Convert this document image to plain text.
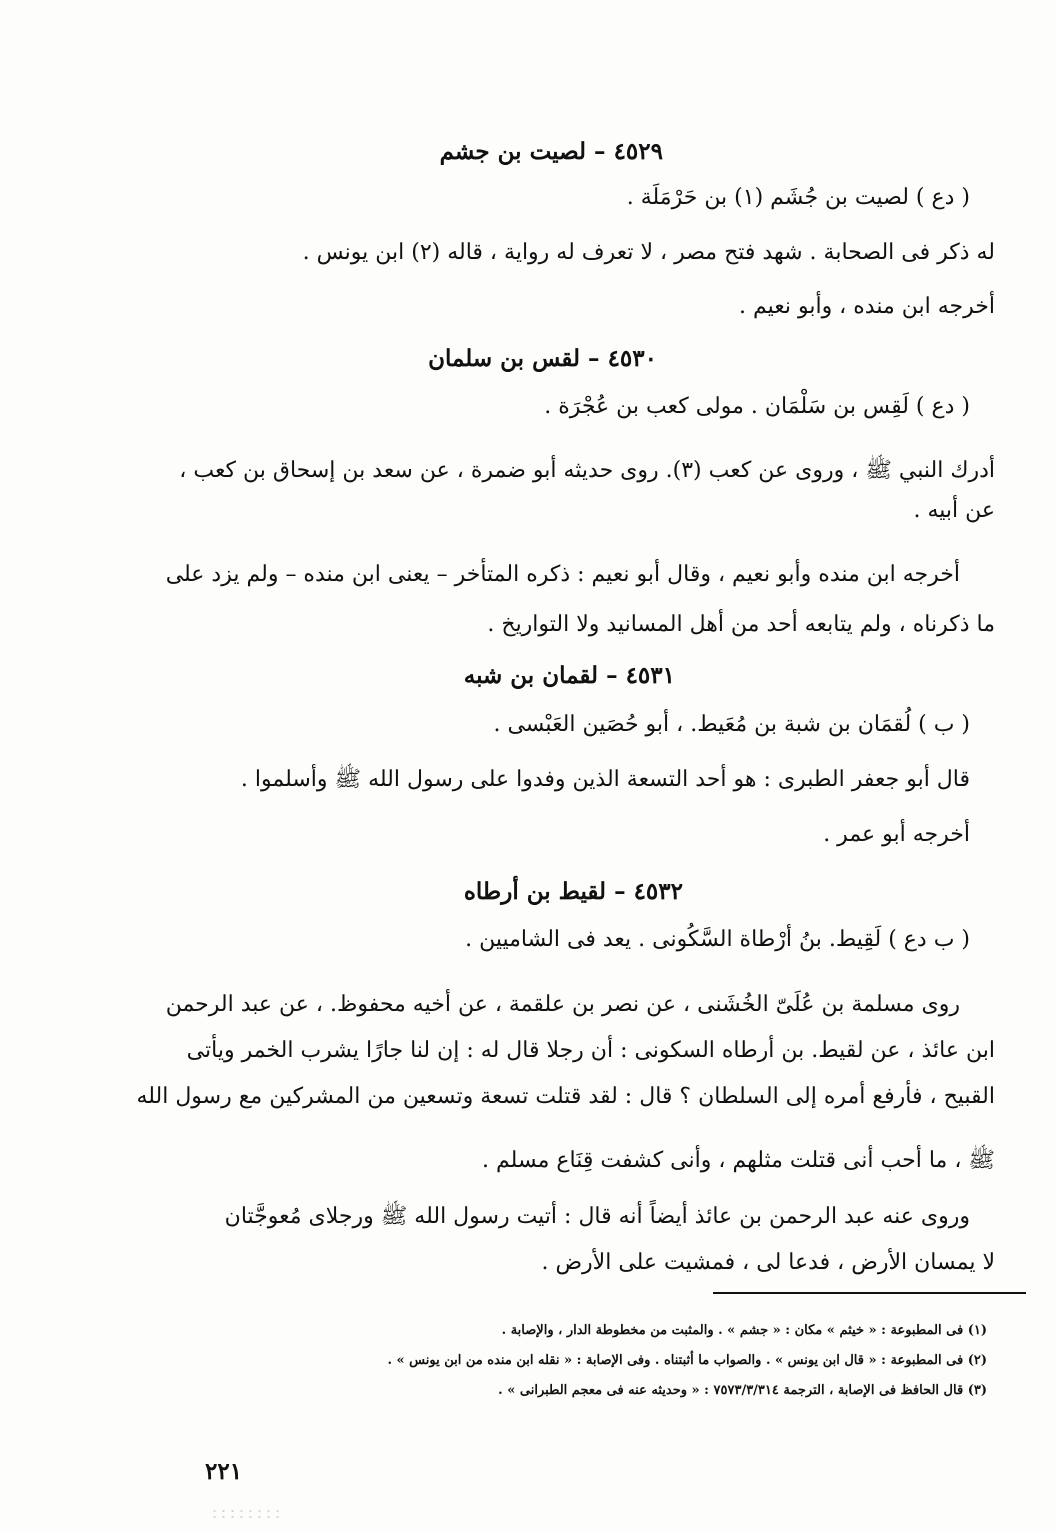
٤٥٢٩ – لصيت بن جشم
( دع ) لصيت بن جُشَم (١) بن حَرْمَلَة .
له ذكر فى الصحابة . شهد فتح مصر ، لا تعرف له رواية ، قاله (٢) ابن يونس .
أخرجه ابن منده ، وأبو نعيم .
٤٥٣٠ – لقس بن سلمان
( دع ) لَقِس بن سَلْمَان . مولى كعب بن عُجْرَة .
أدرك النبي ﷺ ، وروى عن كعب (٣). روى حديثه أبو ضمرة ، عن سعد بن إسحاق بن كعب ،
عن أبيه .
أخرجه ابن منده وأبو نعيم ، وقال أبو نعيم : ذكره المتأخر – يعنى ابن منده – ولم يزد على
ما ذكرناه ، ولم يتابعه أحد من أهل المسانيد ولا التواريخ .
٤٥٣١ – لقمان بن شبه
( ب ) لُقمَان بن شبة بن مُعَيط. ، أبو حُصَين العَبْسى .
قال أبو جعفر الطبرى : هو أحد التسعة الذين وفدوا على رسول الله ﷺ وأسلموا .
أخرجه أبو عمر .
٤٥٣٢ – لقيط بن أرطاه
( ب دع ) لَقِيط. بنُ أرْطاة السَّكُونى . يعد فى الشاميين .
روى مسلمة بن عُلَىّ الخُشَنى ، عن نصر بن علقمة ، عن أخيه محفوظ. ، عن عبد الرحمن
ابن عائذ ، عن لقيط. بن أرطاه السكونى : أن رجلا قال له : إن لنا جارًا يشرب الخمر ويأتى
القبيح ، فأرفع أمره إلى السلطان ؟ قال : لقد قتلت تسعة وتسعين من المشركين مع رسول الله
ﷺ ، ما أحب أنى قتلت مثلهم ، وأنى كشفت قِنَاع مسلم .
وروى عنه عبد الرحمن بن عائذ أيضاً أنه قال : أتيت رسول الله ﷺ ورجلاى مُعوجَّتان
لا يمسان الأرض ، فدعا لى ، فمشيت على الأرض .
(١) فى المطبوعة : « خيثم » مكان : « جشم » . والمثبت من مخطوطة الدار ، والإصابة .
(٢) فى المطبوعة : « قال ابن يونس » . والصواب ما أثبتناه . وفى الإصابة : « نقله ابن منده من ابن يونس » .
(٣) قال الحافظ فى الإصابة ، الترجمة ٧٥٧٣/٣/٣١٤ : « وحديثه عنه فى معجم الطبرانى » .
٢٢١
